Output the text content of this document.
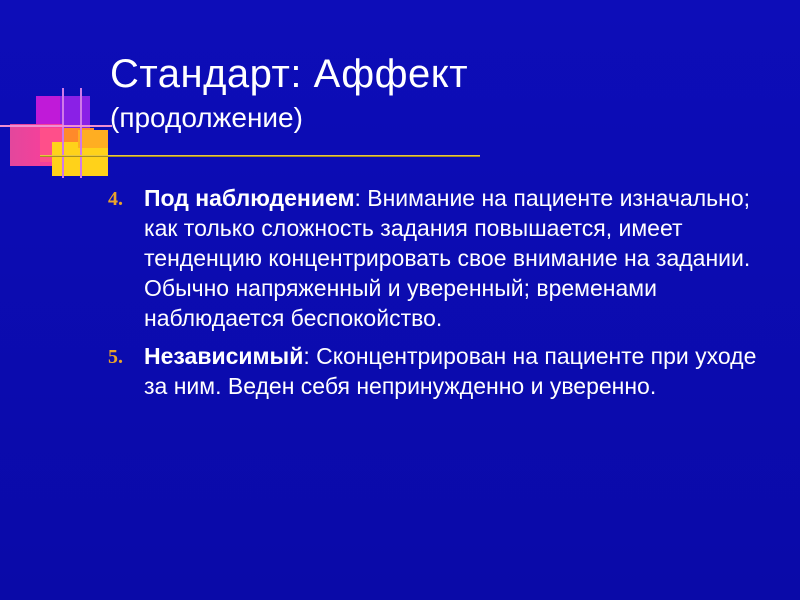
Стандарт: Аффект
(продолжение)
4. Под наблюдением: Внимание на пациенте изначально; как только сложность задания повышается, имеет тенденцию концентрировать свое внимание на задании. Обычно напряженный и уверенный; временами наблюдается беспокойство.
5. Независимый: Сконцентрирован на пациенте при уходе за ним. Веден себя непринужденно и уверенно.
